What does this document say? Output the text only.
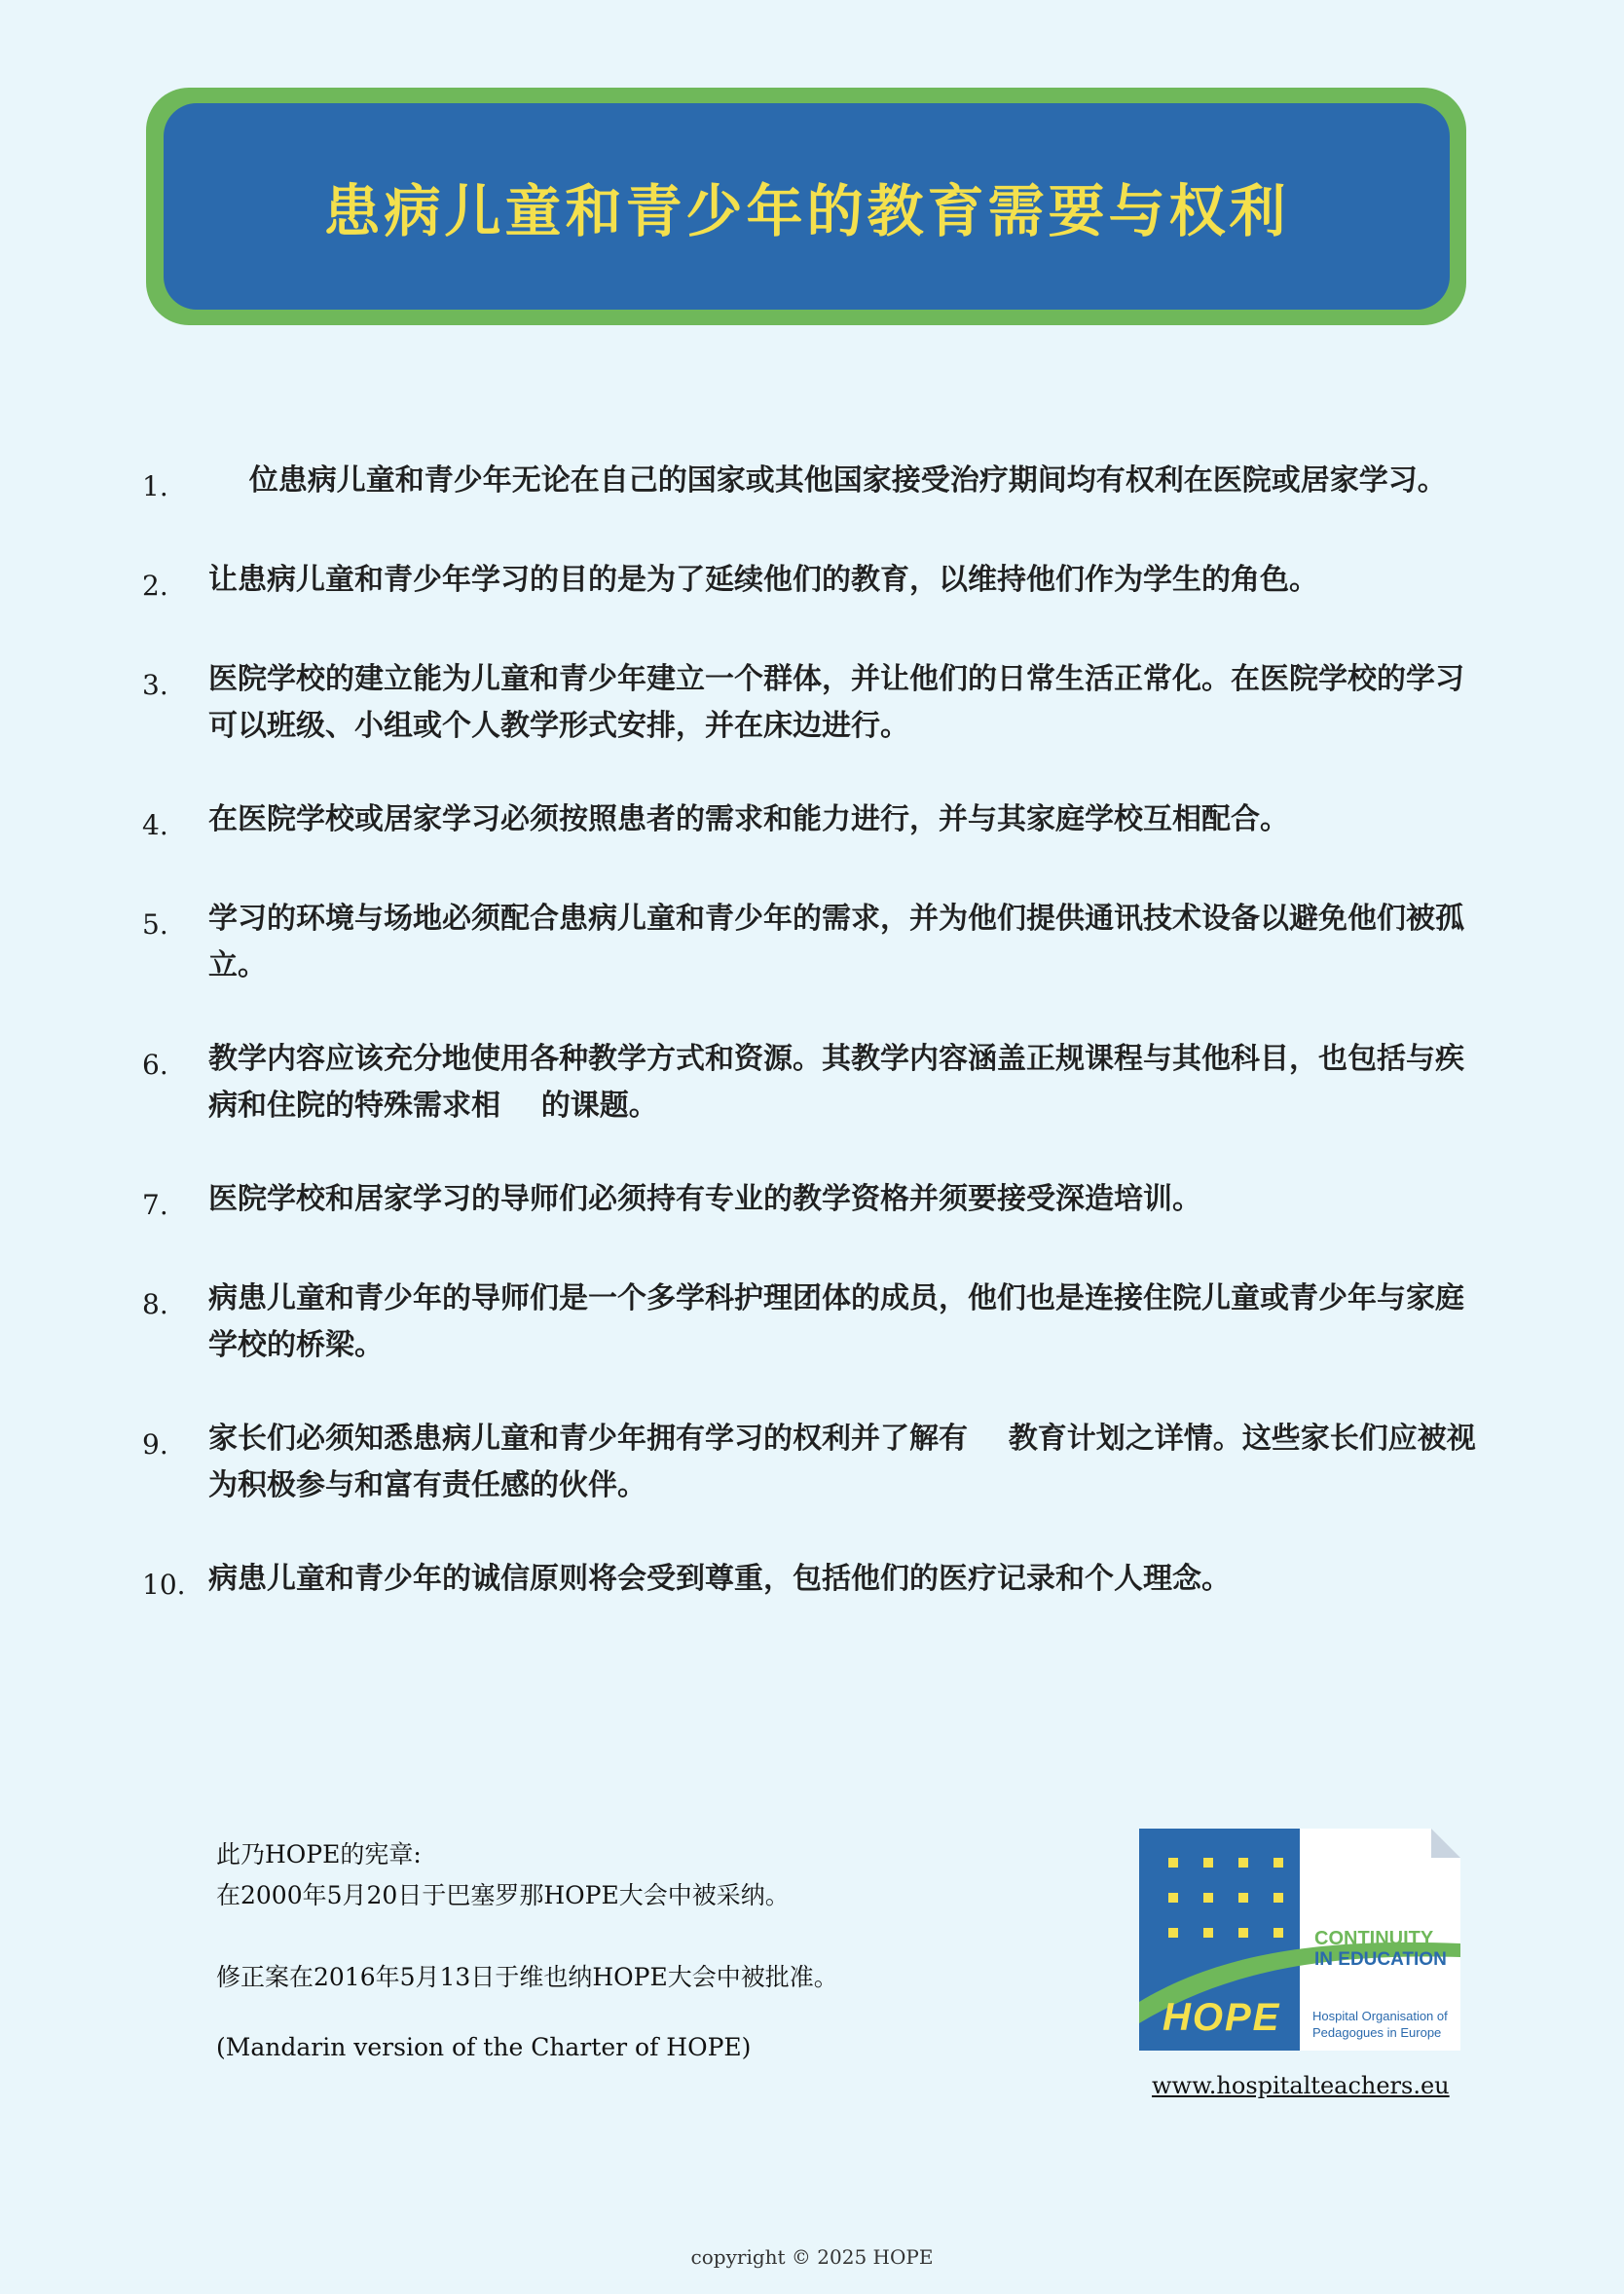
患病儿童和青少年的教育需要与权利
1.	位患病儿童和青少年无论在自己的国家或其他国家接受治疗期间均有权利在医院或居家学习。
2.	让患病儿童和青少年学习的目的是为了延续他们的教育，以维持他们作为学生的角色。
3.	医院学校的建立能为儿童和青少年建立一个群体，并让他们的日常生活正常化。在医院学校的学习可以班级、小组或个人教学形式安排，并在床边进行。
4.	在医院学校或居家学习必须按照患者的需求和能力进行，并与其家庭学校互相配合。
5.	学习的环境与场地必须配合患病儿童和青少年的需求，并为他们提供通讯技术设备以避免他们被孤立。
6.	教学内容应该充分地使用各种教学方式和资源。其教学内容涵盖正规课程与其他科目，也包括与疾病和住院的特殊需求相    的课题。
7.	医院学校和居家学习的导师们必须持有专业的教学资格并须要接受深造培训。
8.	病患儿童和青少年的导师们是一个多学科护理团体的成员，他们也是连接住院儿童或青少年与家庭学校的桥梁。
9.	家长们必须知悉患病儿童和青少年拥有学习的权利并了解有    教育计划之详情。这些家长们应被视为积极参与和富有责任感的伙伴。
10. 病患儿童和青少年的诚信原则将会受到尊重，包括他们的医疗记录和个人理念。
此乃HOPE的宪章:
在2000年5月20日于巴塞罗那HOPE大会中被采纳。
修正案在2016年5月13日于维也纳HOPE大会中被批准。
(Mandarin version of the Charter of HOPE)
CONTINUITY
IN EDUCATION
HOPE	Hospital Organisation of
Pedagogues in Europe
www.hospitalteachers.eu
copyright © 2025 HOPE
